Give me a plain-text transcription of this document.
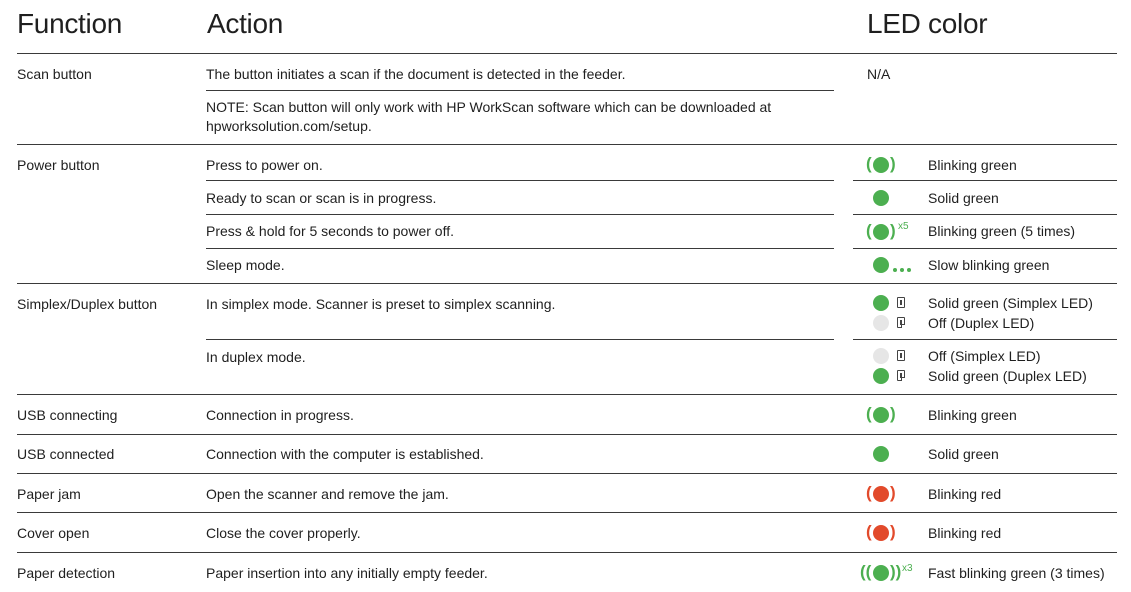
Function	Action	LED color
Scan button	The button initiates a scan if the document is detected in the feeder.
NOTE: Scan button will only work with HP WorkScan software which can be downloaded at hpworksolution.com/setup.
N/A
Power button	Press to power on.	( ) Blinking green
Ready to scan or scan is in progress.	Solid green
Press & hold for 5 seconds to power off.	( ) x5 Blinking green (5 times)
Sleep mode.	Slow blinking green
Simplex/Duplex button	In simplex mode. Scanner is preset to simplex scanning.	Solid green (Simplex LED)
Off (Duplex LED)
In duplex mode.	Off (Simplex LED)
Solid green (Duplex LED)
USB connecting	Connection in progress.	( ) Blinking green
USB connected	Connection with the computer is established.	Solid green
Paper jam	Open the scanner and remove the jam.	( ) Blinking red
Cover open	Close the cover properly.	( ) Blinking red
Paper detection	Paper insertion into any initially empty feeder.	(( )) x3 Fast blinking green (3 times)
